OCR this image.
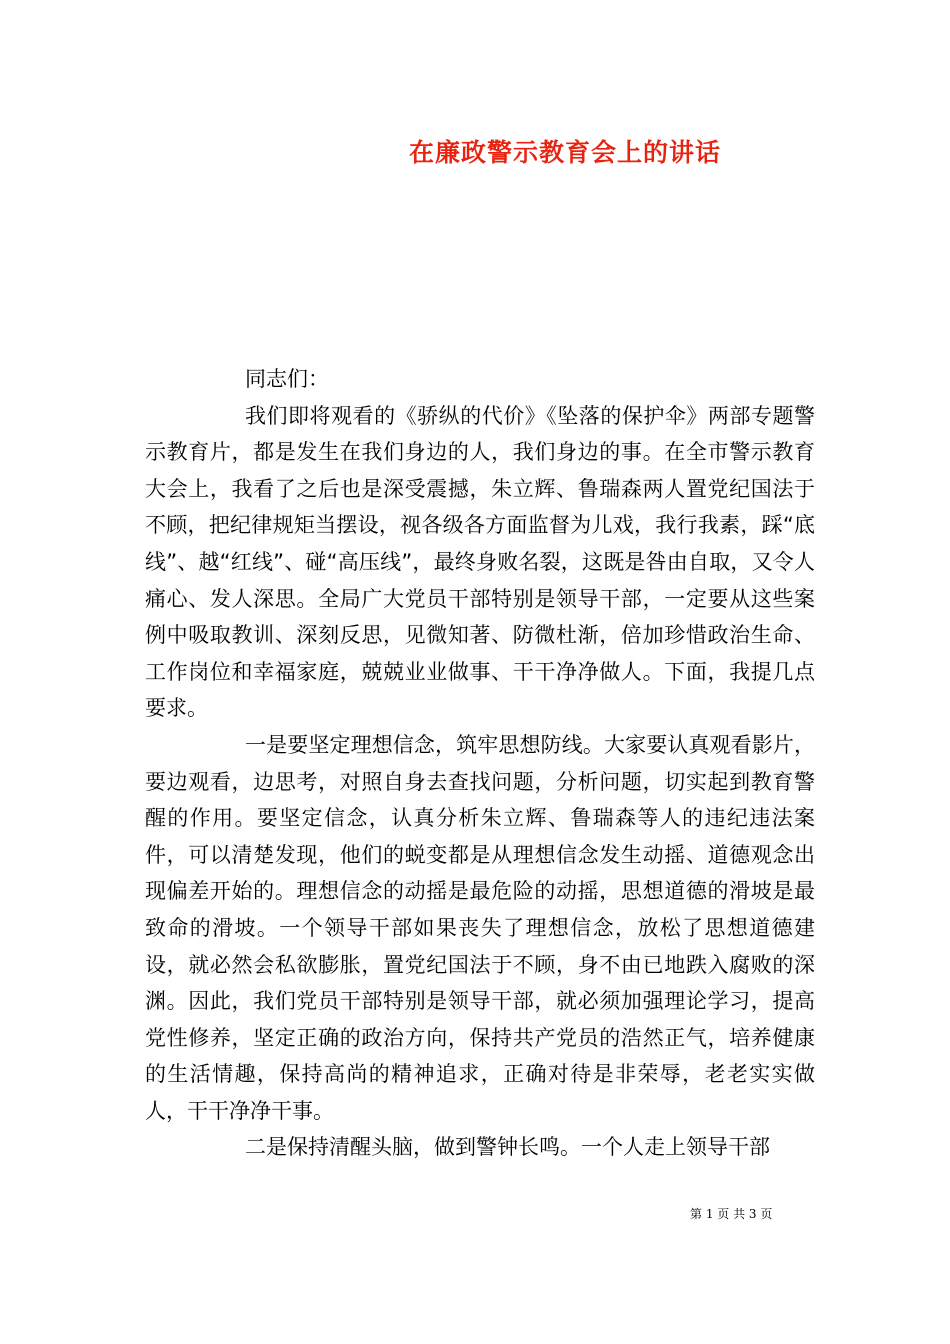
在廉政警示教育会上的讲话

同志们：

我们即将观看的《骄纵的代价》《坠落的保护伞》两部专题警示教育片，都是发生在我们身边的人，我们身边的事。在全市警示教育大会上，我看了之后也是深受震撼，朱立辉、鲁瑞森两人置党纪国法于不顾，把纪律规矩当摆设，视各级各方面监督为儿戏，我行我素，踩“底线”、越“红线”、碰“高压线”，最终身败名裂，这既是咎由自取，又令人痛心、发人深思。全局广大党员干部特别是领导干部，一定要从这些案例中吸取教训、深刻反思，见微知著、防微杜渐，倍加珍惜政治生命、工作岗位和幸福家庭，兢兢业业做事、干干净净做人。下面，我提几点要求。

一是要坚定理想信念，筑牢思想防线。大家要认真观看影片，要边观看，边思考，对照自身去查找问题，分析问题，切实起到教育警醒的作用。要坚定信念，认真分析朱立辉、鲁瑞森等人的违纪违法案件，可以清楚发现，他们的蜕变都是从理想信念发生动摇、道德观念出现偏差开始的。理想信念的动摇是最危险的动摇，思想道德的滑坡是最致命的滑坡。一个领导干部如果丧失了理想信念，放松了思想道德建设，就必然会私欲膨胀，置党纪国法于不顾，身不由已地跌入腐败的深渊。因此，我们党员干部特别是领导干部，就必须加强理论学习，提高党性修养，坚定正确的政治方向，保持共产党员的浩然正气，培养健康的生活情趣，保持高尚的精神追求，正确对待是非荣辱，老老实实做人，干干净净干事。

二是保持清醒头脑，做到警钟长鸣。一个人走上领导干部

第 1 页 共 3 页
